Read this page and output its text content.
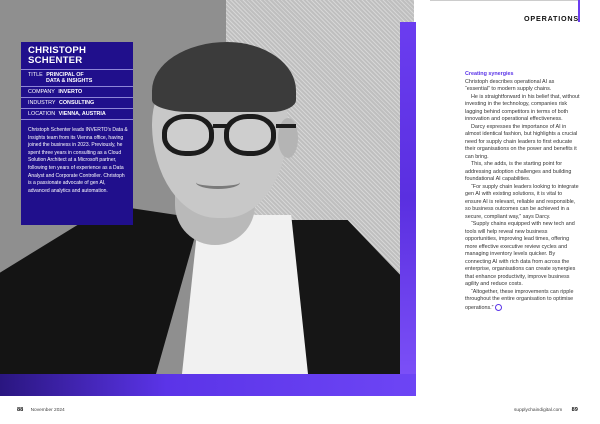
CHRISTOPH
SCHENTER
TITLE PRINCIPAL OF
DATA & INSIGHTS
COMPANY INVERTO
INDUSTRY CONSULTING
LOCATION VIENNA, AUSTRIA
Christoph Schenter leads INVERTO's Data & Insights team from its Vienna office, having joined the business in 2023. Previously, he spent three years in consulting as a Cloud Solution Architect at a Microsoft partner, following ten years of experience as a Data Analyst and Corporate Controller. Christoph is a passionate advocate of gen AI, advanced analytics and automation.
OPERATIONS

Creating synergies

Christoph describes operational AI as “essential” to modern supply chains.

He is straightforward in his belief that, without investing in the technology, companies risk lagging behind competitors in terms of both innovation and operational effectiveness.

Darcy expresses the importance of AI in almost identical fashion, but highlights a crucial need for supply chain leaders to first educate their organisations on the power and benefits it can bring.

This, she adds, is the starting point for addressing adoption challenges and building foundational AI capabilities.

“For supply chain leaders looking to integrate gen AI with existing solutions, it is vital to ensure AI is relevant, reliable and responsible, so business outcomes can be achieved in a secure, compliant way,” says Darcy.

“Supply chains equipped with new tech and tools will help reveal new business opportunities, improving lead times, offering more effective executive review cycles and managing inventory levels quicker. By connecting AI with rich data from across the enterprise, organisations can create synergies that enhance productivity, improve business agility and reduce costs.

“Altogether, these improvements can ripple throughout the entire organisation to optimise operations.”

88 November 2024	supplychaindigital.com 89
